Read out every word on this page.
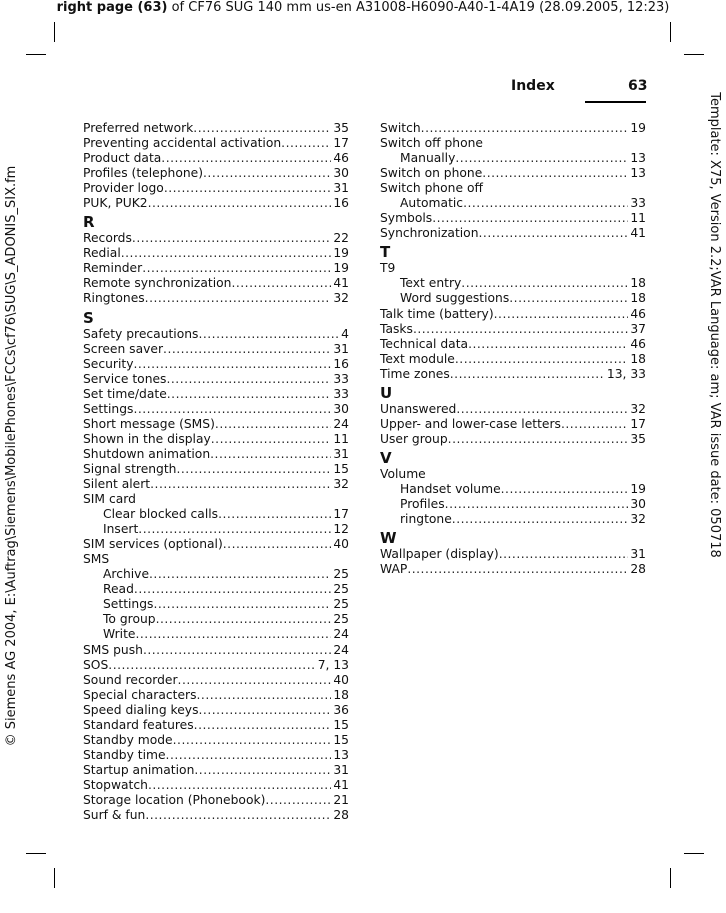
right page (63) of CF76 SUG 140 mm us-en A31008-H6090-A40-1-4A19 (28.09.2005, 12:23)
© Siemens AG 2004, E:\Auftrag\Siemens\MobilePhones\FCCs\cf76\SUG\S_ADONIS_SIX.fm	Template: X75, Version 2.2;VAR Language: am; VAR issue date: 050718
Index	63
Preferred network .....	35
Preventing accidental activation .....	17
Product data .....	46
Profiles (telephone) .....	30
Provider logo .....	31
PUK, PUK2 .....	16
R
Records .....	22
Redial .....	19
Reminder .....	19
Remote synchronization .....	41
Ringtones .....	32
S
Safety precautions .....	4
Screen saver .....	31
Security .....	16
Service tones .....	33
Set time/date .....	33
Settings .....	30
Short message (SMS) .....	24
Shown in the display .....	11
Shutdown animation .....	31
Signal strength .....	15
Silent alert .....	32
SIM card
Clear blocked calls .....	17
Insert .....	12
SIM services (optional) .....	40
SMS
Archive .....	25
Read .....	25
Settings .....	25
To group .....	25
Write .....	24
SMS push .....	24
SOS .....	7, 13
Sound recorder .....	40
Special characters .....	18
Speed dialing keys .....	36
Standard features .....	15
Standby mode .....	15
Standby time .....	13
Startup animation .....	31
Stopwatch .....	41
Storage location (Phonebook) .....	21
Surf & fun .....	28
Switch .....	19
Switch off phone
Manually .....	13
Switch on phone .....	13
Switch phone off
Automatic .....	33
Symbols .....	11
Synchronization .....	41
T
T9
Text entry .....	18
Word suggestions .....	18
Talk time (battery) .....	46
Tasks .....	37
Technical data .....	46
Text module .....	18
Time zones .....	13, 33
U
Unanswered .....	32
Upper- and lower-case letters .....	17
User group .....	35
V
Volume
Handset volume .....	19
Profiles .....	30
ringtone .....	32
W
Wallpaper (display) .....	31
WAP .....	28
